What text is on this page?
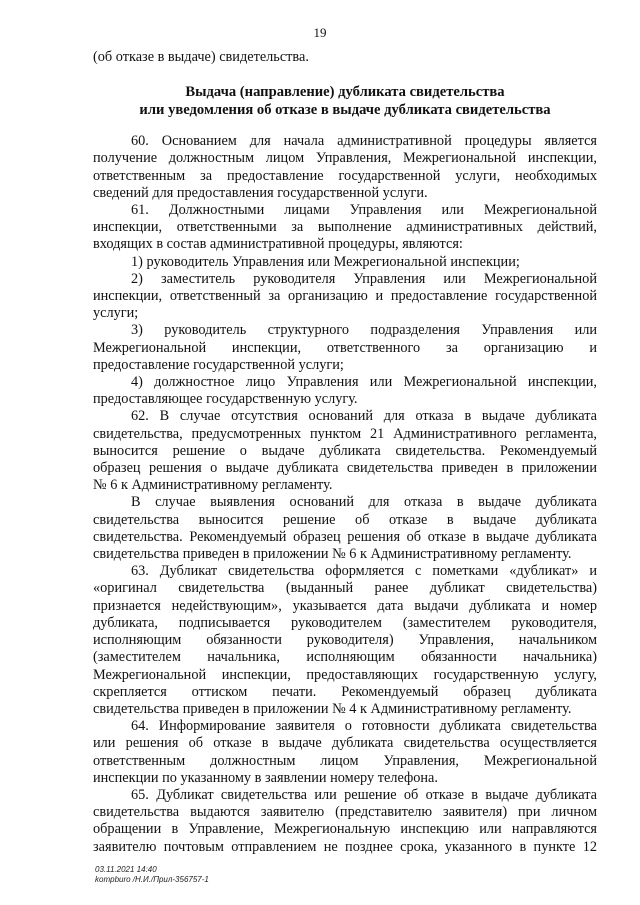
19
(об отказе в выдаче) свидетельства.
Выдача (направление) дубликата свидетельства
или уведомления об отказе в выдаче дубликата свидетельства
60. Основанием для начала административной процедуры является
получение должностным лицом Управления, Межрегиональной инспекции,
ответственным за предоставление государственной услуги, необходимых
сведений для предоставления государственной услуги.
61. Должностными лицами Управления или Межрегиональной
инспекции, ответственными за выполнение административных действий,
входящих в состав административной процедуры, являются:
1) руководитель Управления или Межрегиональной инспекции;
2) заместитель руководителя Управления или Межрегиональной
инспекции, ответственный за организацию и предоставление государственной
услуги;
3) руководитель структурного подразделения Управления или
Межрегиональной инспекции, ответственного за организацию и
предоставление государственной услуги;
4) должностное лицо Управления или Межрегиональной инспекции,
предоставляющее государственную услугу.
62. В случае отсутствия оснований для отказа в выдаче дубликата
свидетельства, предусмотренных пунктом 21 Административного регламента,
выносится решение о выдаче дубликата свидетельства. Рекомендуемый
образец решения о выдаче дубликата свидетельства приведен в приложении
№ 6 к Административному регламенту.
В случае выявления оснований для отказа в выдаче дубликата
свидетельства выносится решение об отказе в выдаче дубликата
свидетельства. Рекомендуемый образец решения об отказе в выдаче дубликата
свидетельства приведен в приложении № 6 к Административному регламенту.
63. Дубликат свидетельства оформляется с пометками «дубликат» и
«оригинал свидетельства (выданный ранее дубликат свидетельства)
признается недействующим», указывается дата выдачи дубликата и номер
дубликата, подписывается руководителем (заместителем руководителя,
исполняющим обязанности руководителя) Управления, начальником
(заместителем начальника, исполняющим обязанности начальника)
Межрегиональной инспекции, предоставляющих государственную услугу,
скрепляется оттиском печати. Рекомендуемый образец дубликата
свидетельства приведен в приложении № 4 к Административному регламенту.
64. Информирование заявителя о готовности дубликата свидетельства
или решения об отказе в выдаче дубликата свидетельства осуществляется
ответственным должностным лицом Управления, Межрегиональной
инспекции по указанному в заявлении номеру телефона.
65. Дубликат свидетельства или решение об отказе в выдаче дубликата
свидетельства выдаются заявителю (представителю заявителя) при личном
обращении в Управление, Межрегиональную инспекцию или направляются
заявителю почтовым отправлением не позднее срока, указанного в пункте 12
03.11.2021 14:40
kompburo /Н.И./Прил-356757-1
